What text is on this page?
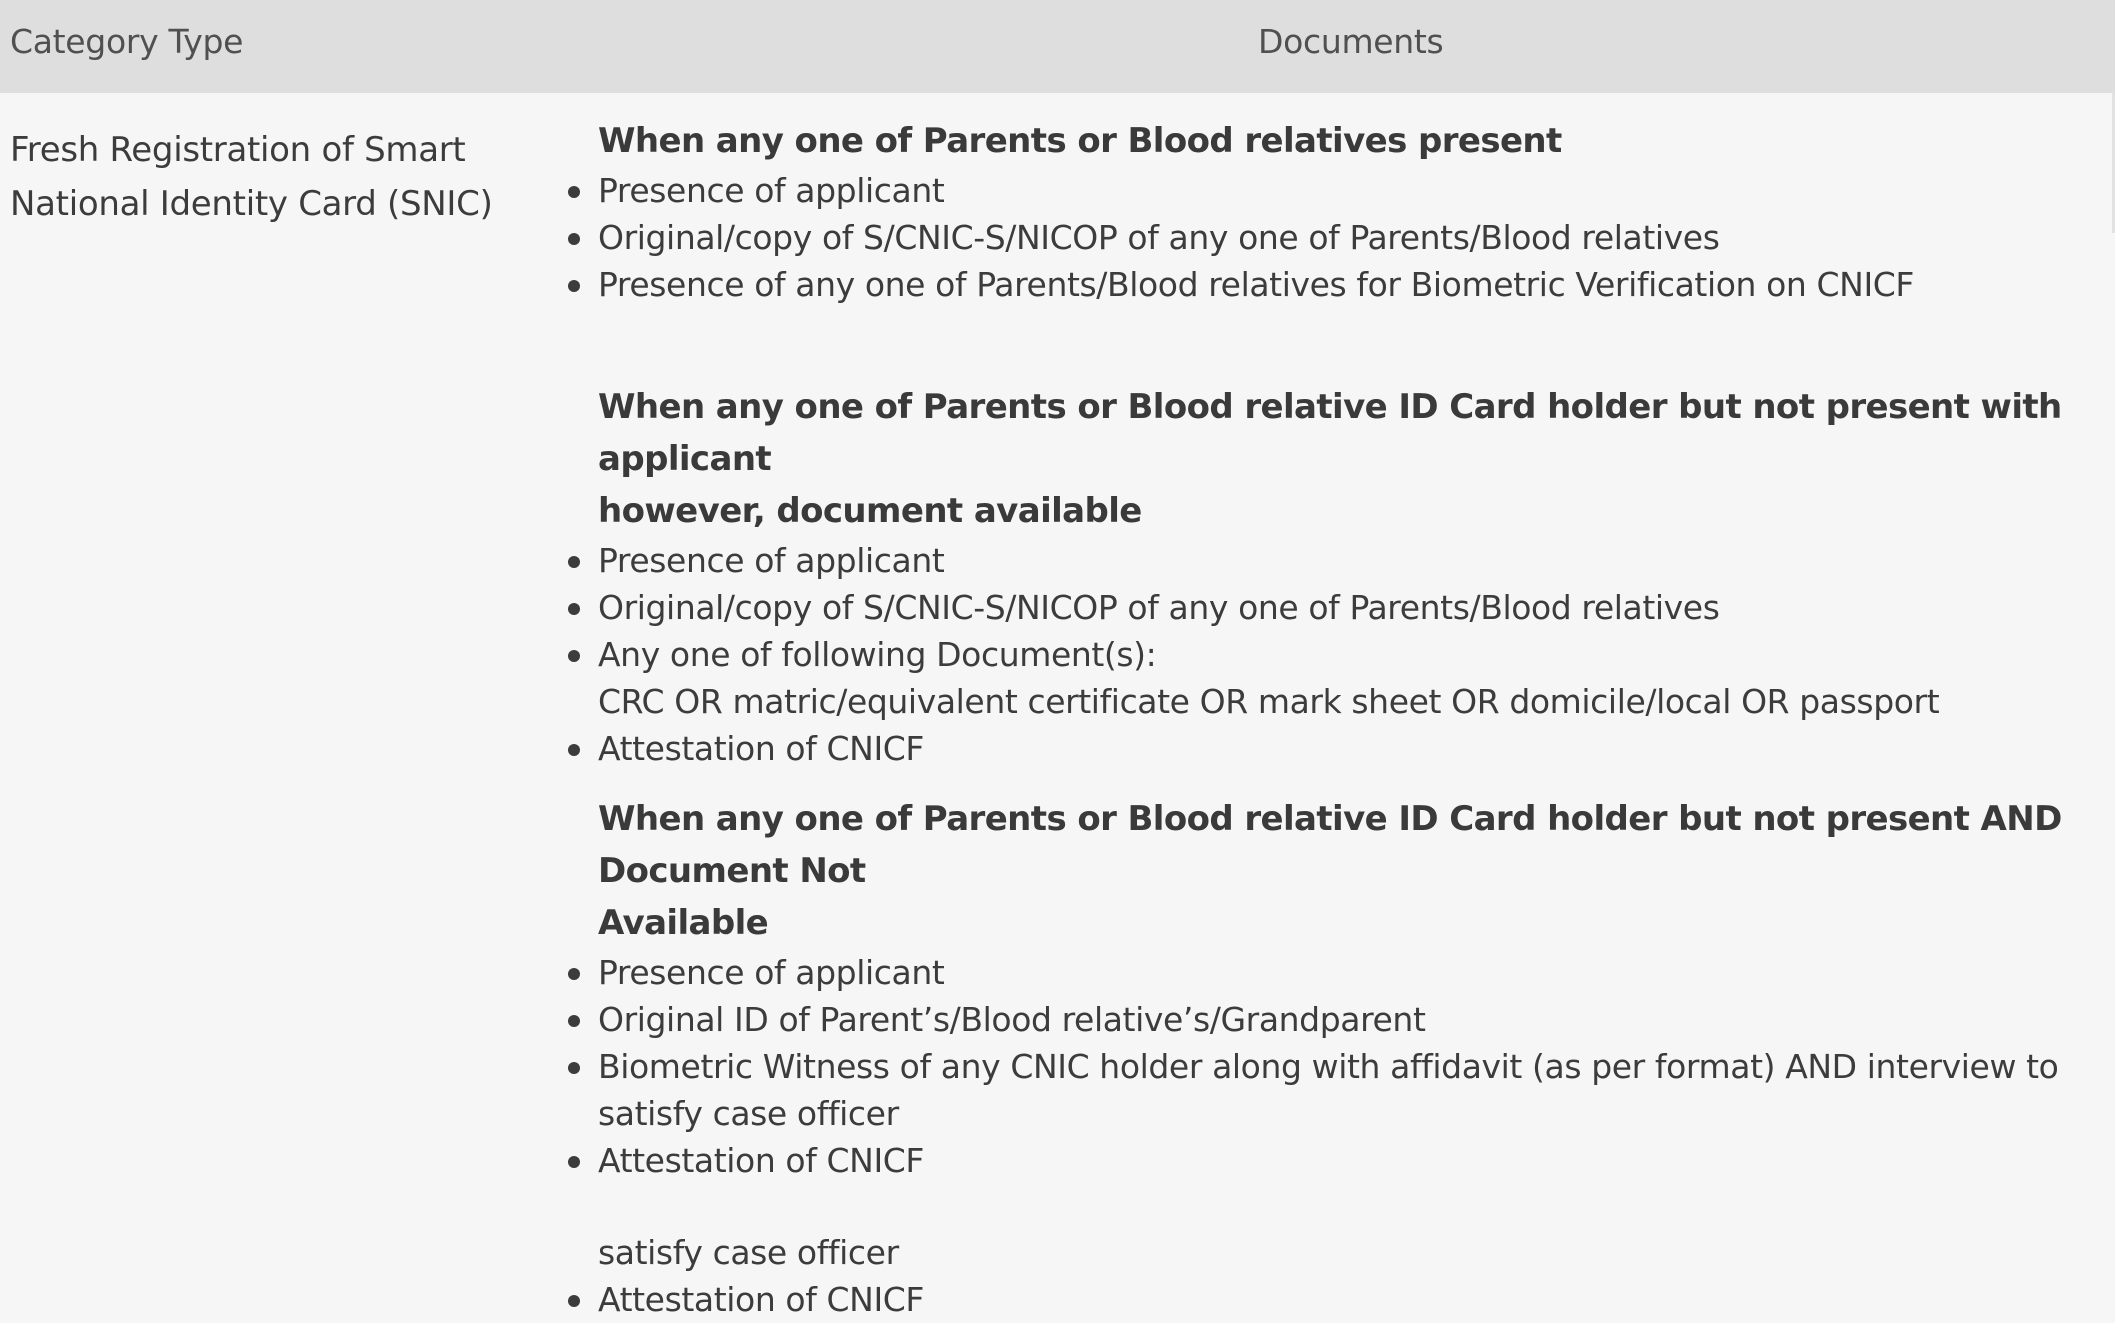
Category Type	Documents
Fresh Registration of Smart
National Identity Card (SNIC)
When any one of Parents or Blood relatives present
Presence of applicant
Original/copy of S/CNIC-S/NICOP of any one of Parents/Blood relatives
Presence of any one of Parents/Blood relatives for Biometric Verification on CNICF
When any one of Parents or Blood relative ID Card holder but not present with applicant
however, document available
Presence of applicant
Original/copy of S/CNIC-S/NICOP of any one of Parents/Blood relatives
Any one of following Document(s):
CRC OR matric/equivalent certificate OR mark sheet OR domicile/local OR passport
Attestation of CNICF
When any one of Parents or Blood relative ID Card holder but not present AND Document Not
Available
Presence of applicant
Original ID of Parent’s/Blood relative’s/Grandparent
Biometric Witness of any CNIC holder along with affidavit (as per format) AND interview to
satisfy case officer
Attestation of CNICF
satisfy case officer
Attestation of CNICF
